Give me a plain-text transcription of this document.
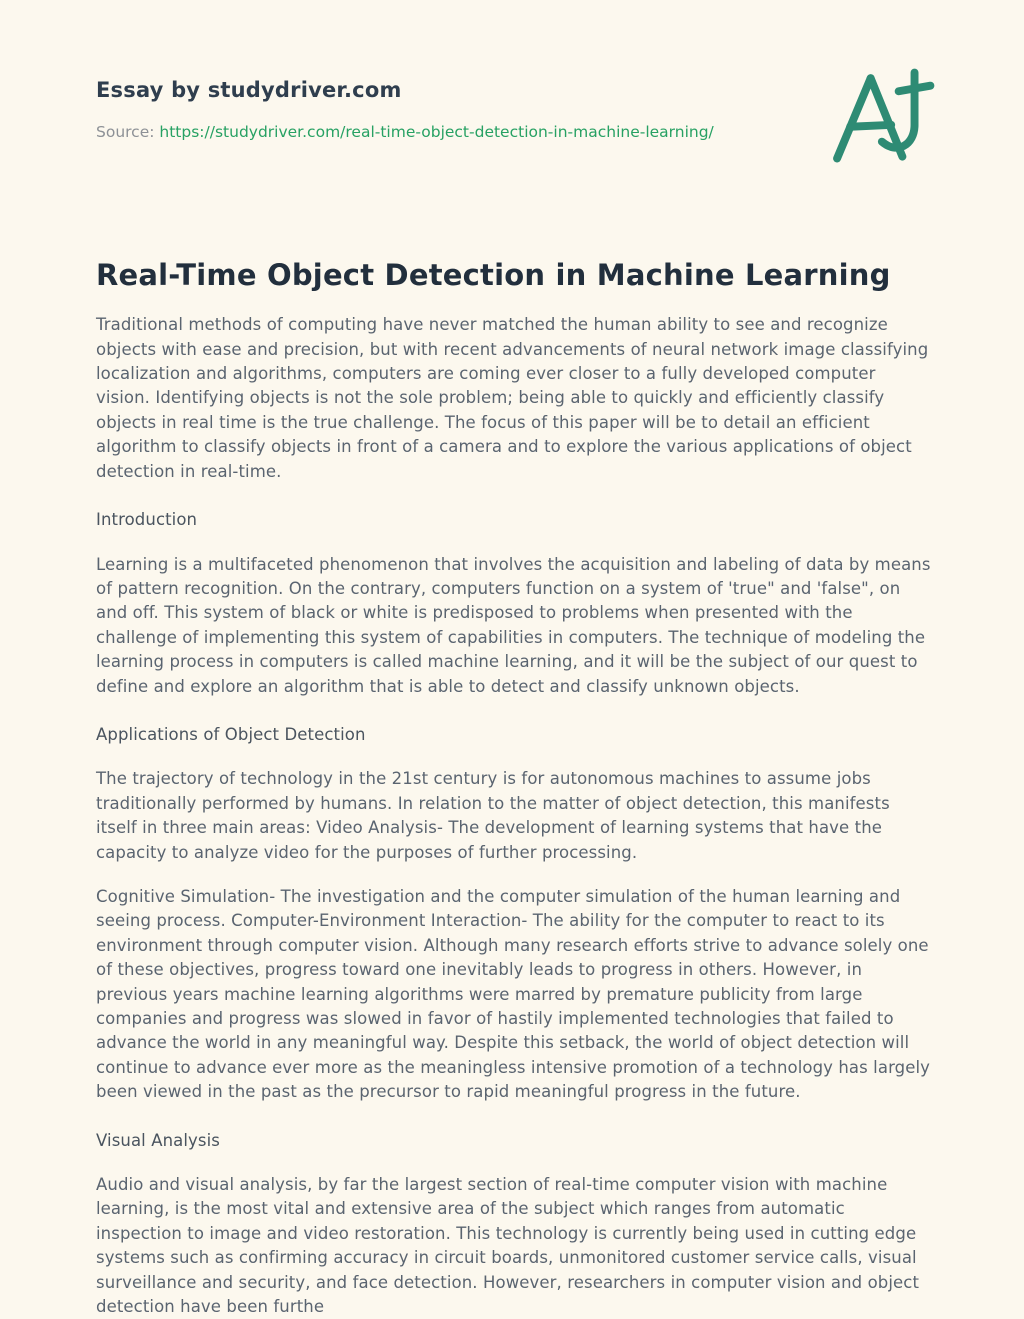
Essay by studydriver.com
Source: https://studydriver.com/real-time-object-detection-in-machine-learning/
Real-Time Object Detection in Machine Learning

Traditional methods of computing have never matched the human ability to see and recognize objects with ease and precision, but with recent advancements of neural network image classifying localization and algorithms, computers are coming ever closer to a fully developed computer vision. Identifying objects is not the sole problem; being able to quickly and efficiently classify objects in real time is the true challenge. The focus of this paper will be to detail an efficient algorithm to classify objects in front of a camera and to explore the various applications of object detection in real-time.

Introduction

Learning is a multifaceted phenomenon that involves the acquisition and labeling of data by means of pattern recognition. On the contrary, computers function on a system of 'true" and 'false", on and off. This system of black or white is predisposed to problems when presented with the challenge of implementing this system of capabilities in computers. The technique of modeling the learning process in computers is called machine learning, and it will be the subject of our quest to define and explore an algorithm that is able to detect and classify unknown objects.

Applications of Object Detection

The trajectory of technology in the 21st century is for autonomous machines to assume jobs traditionally performed by humans. In relation to the matter of object detection, this manifests itself in three main areas: Video Analysis- The development of learning systems that have the capacity to analyze video for the purposes of further processing.

Cognitive Simulation- The investigation and the computer simulation of the human learning and seeing process. Computer-Environment Interaction- The ability for the computer to react to its environment through computer vision. Although many research efforts strive to advance solely one of these objectives, progress toward one inevitably leads to progress in others. However, in previous years machine learning algorithms were marred by premature publicity from large companies and progress was slowed in favor of hastily implemented technologies that failed to advance the world in any meaningful way. Despite this setback, the world of object detection will continue to advance ever more as the meaningless intensive promotion of a technology has largely been viewed in the past as the precursor to rapid meaningful progress in the future.

Visual Analysis

Audio and visual analysis, by far the largest section of real-time computer vision with machine learning, is the most vital and extensive area of the subject which ranges from automatic inspection to image and video restoration. This technology is currently being used in cutting edge systems such as confirming accuracy in circuit boards, unmonitored customer service calls, visual surveillance and security, and face detection. However, researchers in computer vision and object detection have been furthe
